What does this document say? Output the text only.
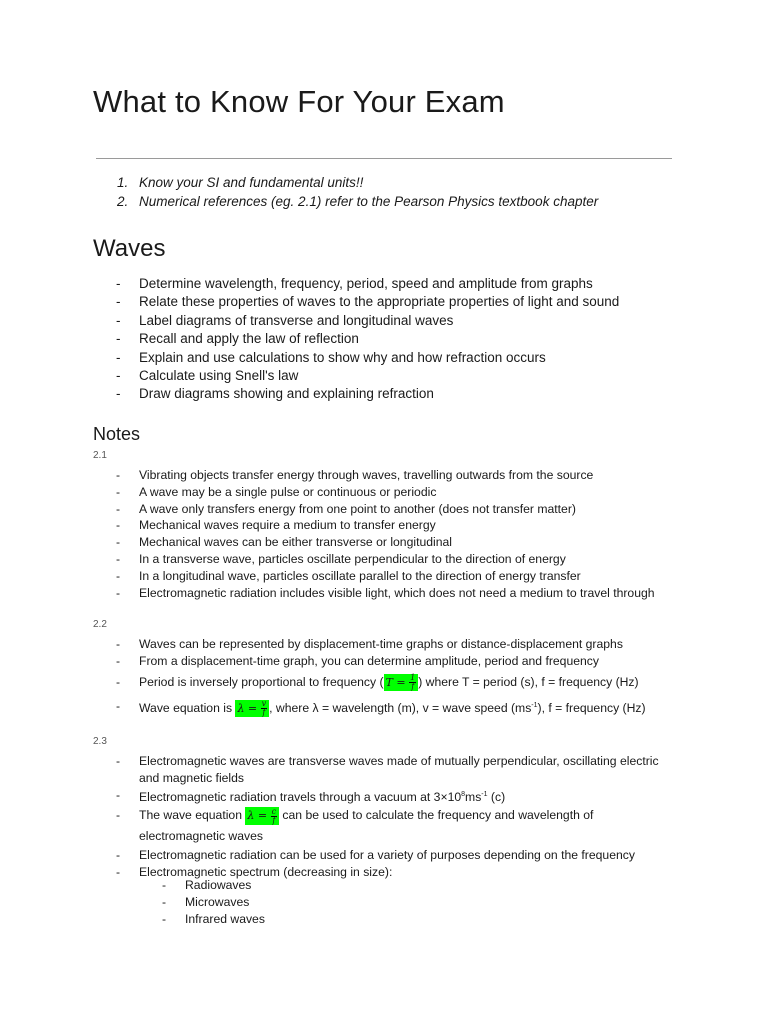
What to Know For Your Exam
1. Know your SI and fundamental units!!
2. Numerical references (eg. 2.1) refer to the Pearson Physics textbook chapter
Waves
- Determine wavelength, frequency, period, speed and amplitude from graphs
- Relate these properties of waves to the appropriate properties of light and sound
- Label diagrams of transverse and longitudinal waves
- Recall and apply the law of reflection
- Explain and use calculations to show why and how refraction occurs
- Calculate using Snell's law
- Draw diagrams showing and explaining refraction
Notes
2.1
- Vibrating objects transfer energy through waves, travelling outwards from the source
- A wave may be a single pulse or continuous or periodic
- A wave only transfers energy from one point to another (does not transfer matter)
- Mechanical waves require a medium to transfer energy
- Mechanical waves can be either transverse or longitudinal
- In a transverse wave, particles oscillate perpendicular to the direction of energy
- In a longitudinal wave, particles oscillate parallel to the direction of energy transfer
- Electromagnetic radiation includes visible light, which does not need a medium to travel through
2.2
- Waves can be represented by displacement-time graphs or distance-displacement graphs
- From a displacement-time graph, you can determine amplitude, period and frequency
- Period is inversely proportional to frequency ( $T = \frac{1}{f}$ ) where T = period (s), f = frequency (Hz)
- Wave equation is $\lambda = \frac{v}{f}$ , where λ = wavelength (m), v = wave speed $(ms^{-1})$, f = frequency (Hz)
2.3
- Electromagnetic waves are transverse waves made of mutually perpendicular, oscillating electric and magnetic fields
- Electromagnetic radiation travels through a vacuum at $3\times 10^8ms^{-1}$ (c)
- The wave equation $\lambda = \frac{c}{f}$ can be used to calculate the frequency and wavelength of electromagnetic waves
- Electromagnetic radiation can be used for a variety of purposes depending on the frequency
- Electromagnetic spectrum (decreasing in size):
- Radiowaves
- Microwaves
- Infrared waves
